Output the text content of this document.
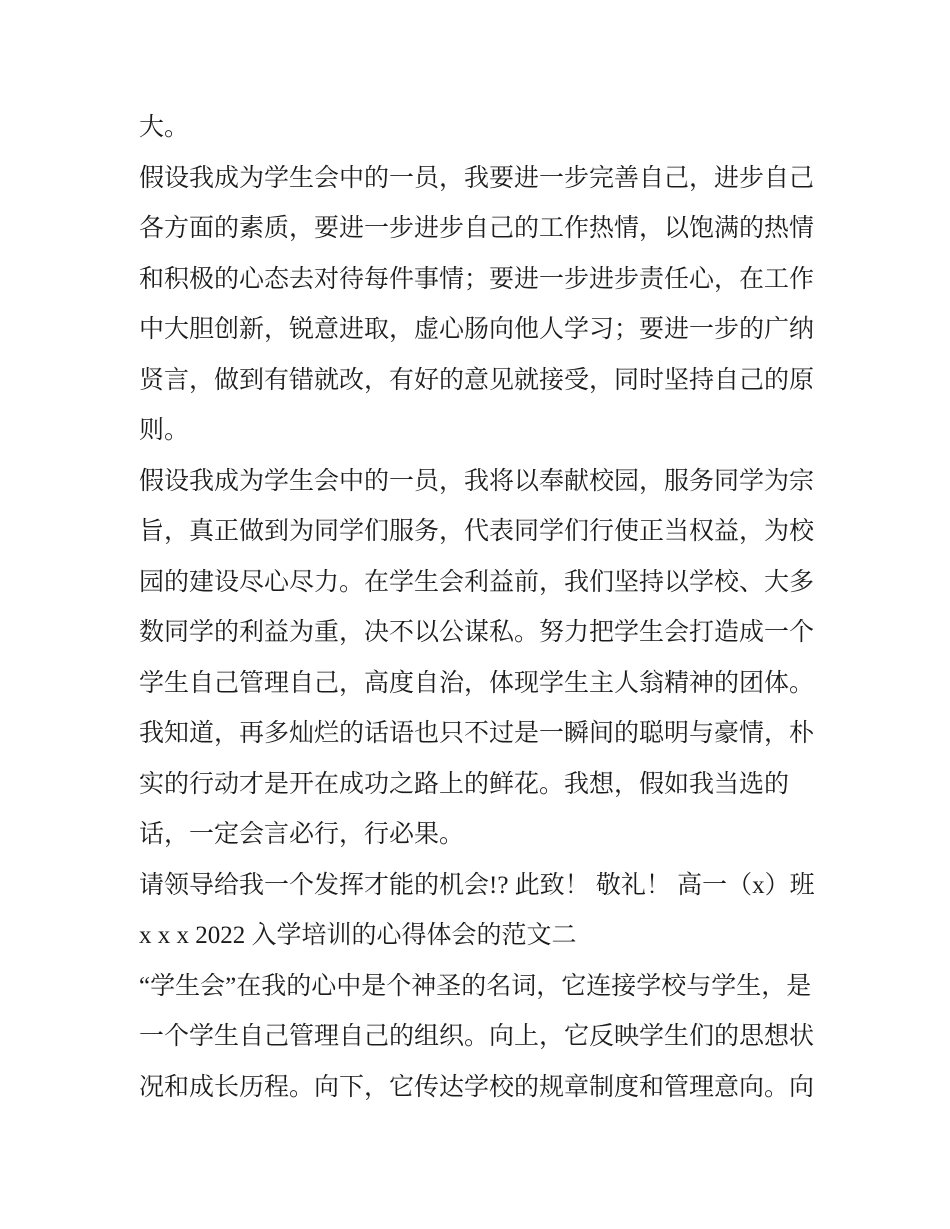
大。
假设我成为学生会中的一员，我要进一步完善自己，进步自己
各方面的素质，要进一步进步自己的工作热情，以饱满的热情
和积极的心态去对待每件事情；要进一步进步责任心，在工作
中大胆创新，锐意进取，虚心肠向他人学习；要进一步的广纳
贤言，做到有错就改，有好的意见就接受，同时坚持自己的原
则。
假设我成为学生会中的一员，我将以奉献校园，服务同学为宗
旨，真正做到为同学们服务，代表同学们行使正当权益，为校
园的建设尽心尽力。在学生会利益前，我们坚持以学校、大多
数同学的利益为重，决不以公谋私。努力把学生会打造成一个
学生自己管理自己，高度自治，体现学生主人翁精神的团体。
我知道，再多灿烂的话语也只不过是一瞬间的聪明与豪情，朴
实的行动才是开在成功之路上的鲜花。我想，假如我当选的
话，一定会言必行，行必果。
请领导给我一个发挥才能的机会!? 此致！ 敬礼！ 高一（x）班
x x x 2022 入学培训的心得体会的范文二
“学生会”在我的心中是个神圣的名词，它连接学校与学生，是
一个学生自己管理自己的组织。向上，它反映学生们的思想状
况和成长历程。向下，它传达学校的规章制度和管理意向。向
